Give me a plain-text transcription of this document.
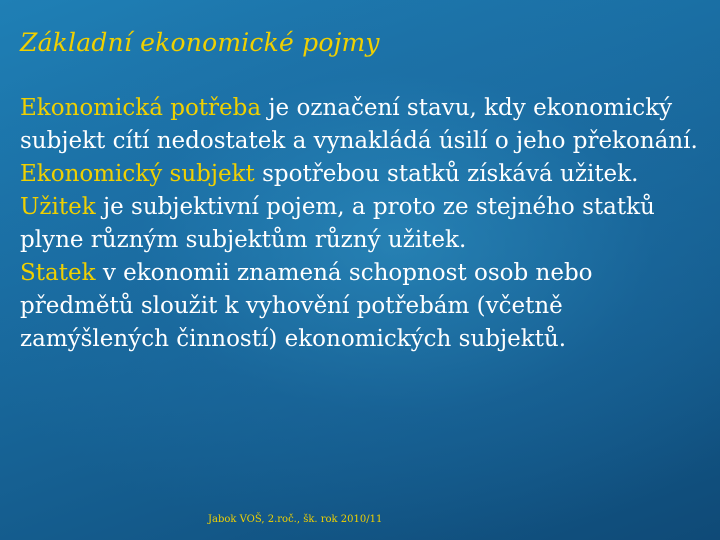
Základní ekonomické pojmy
Ekonomická potřeba je označení stavu, kdy ekonomický subjekt cítí nedostatek a vynakládá úsilí o jeho překonání.
Ekonomický subjekt spotřebou statků získává užitek.
Užitek je subjektivní pojem, a proto ze stejného statků plyne různým subjektům různý užitek.
Statek v ekonomii znamená schopnost osob nebo předmětů sloužit k vyhovění potřebám (včetně zamýšlených činností) ekonomických subjektů.
Jabok VOŠ, 2.roč., šk. rok 2010/11
